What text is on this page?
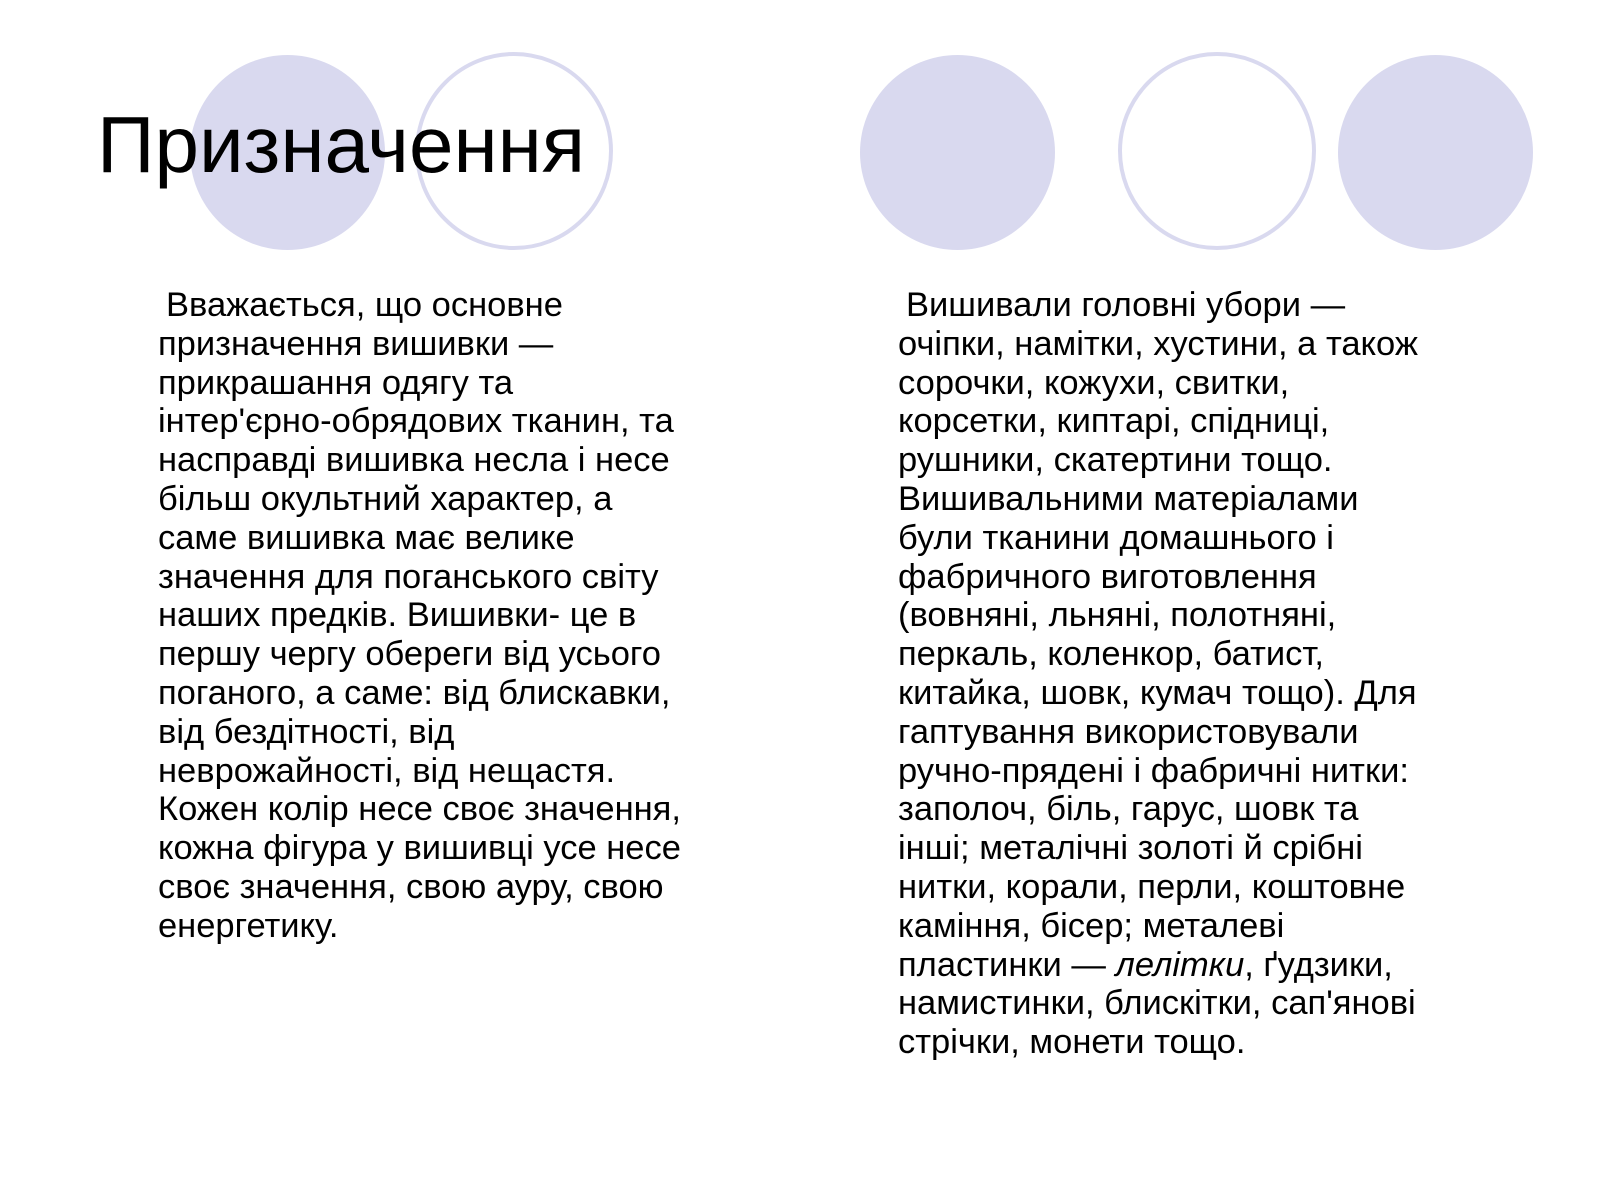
Призначення
Вважається, що основне
призначення вишивки —
прикрашання одягу та
інтер'єрно-обрядових тканин, та
насправді вишивка несла і несе
більш окультний характер, а
саме вишивка має велике
значення для поганського світу
наших предків. Вишивки- це в
першу чергу обереги від усього
поганого, а саме: від блискавки,
від бездітності, від
неврожайності, від нещастя.
Кожен колір несе своє значення,
кожна фігура у вишивці усе несе
своє значення, свою ауру, свою
енергетику.
Вишивали головні убори —
очіпки, намітки, хустини, а також
сорочки, кожухи, свитки,
корсетки, киптарі, спідниці,
рушники, скатертини тощо.
Вишивальними матеріалами
були тканини домашнього і
фабричного виготовлення
(вовняні, льняні, полотняні,
перкаль, коленкор, батист,
китайка, шовк, кумач тощо). Для
гаптування використовували
ручно-прядені і фабричні нитки:
заполоч, біль, гарус, шовк та
інші; металічні золоті й срібні
нитки, корали, перли, коштовне
каміння, бісер; металеві
пластинки — лелітки, ґудзики,
намистинки, блискітки, сап'янові
стрічки, монети тощо.
